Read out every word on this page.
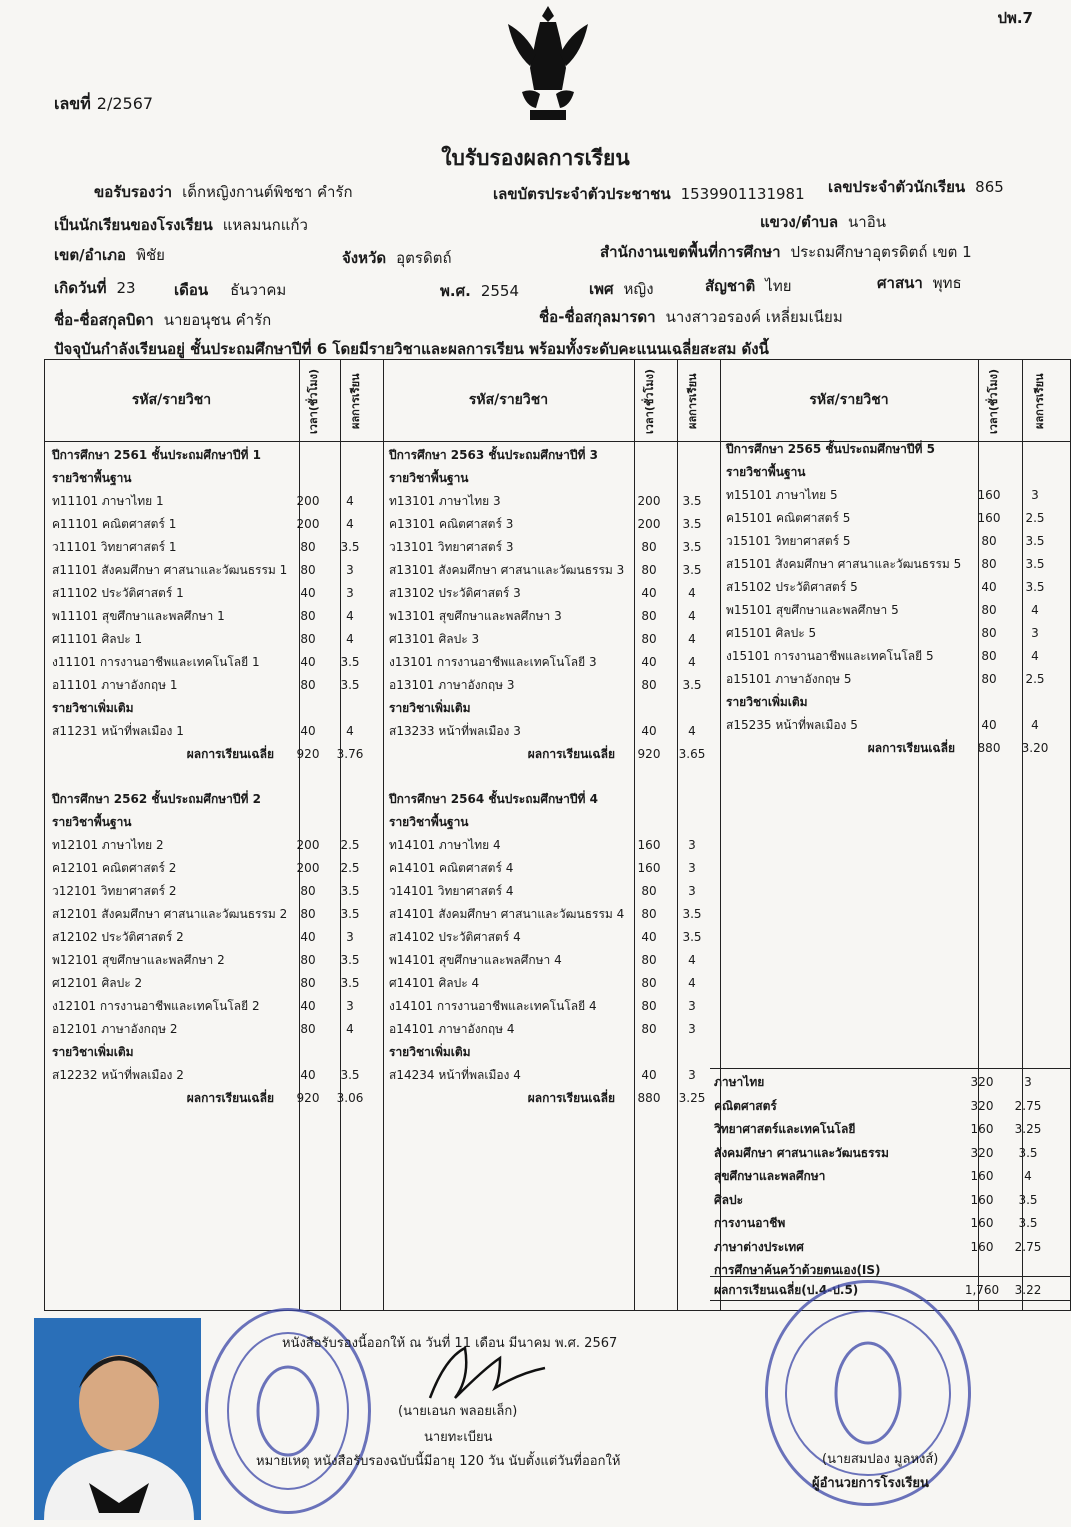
ปพ.7
เลขที่ 2/2567
ใบรับรองผลการเรียน
ขอรับรองว่า เด็กหญิงกานต์พิชชา คำรัก	เลขบัตรประจำตัวประชาชน 1539901131981 เลขประจำตัวนักเรียน 865
เป็นนักเรียนของโรงเรียน แหลมนกแก้ว	แขวง/ตำบล นาอิน
เขต/อำเภอ พิชัย	จังหวัด อุตรดิตถ์	สำนักงานเขตพื้นที่การศึกษา ประถมศึกษาอุตรดิตถ์ เขต 1
เกิดวันที่ 23	เดือน ธันวาคม	พ.ศ. 2554	เพศ หญิง	สัญชาติ ไทย	ศาสนา พุทธ
ชื่อ-ชื่อสกุลบิดา นายอนุชน คำรัก	ชื่อ-ชื่อสกุลมารดา นางสาวอรองค์ เหลี่ยมเนียม
ปัจจุบันกำลังเรียนอยู่ ชั้นประถมศึกษาปีที่ 6 โดยมีรายวิชาและผลการเรียน พร้อมทั้งระดับคะแนนเฉลี่ยสะสม ดังนี้
รหัส/รายวิชา	เวลา(ชั่วโมง)	ผลการเรียน	รหัส/รายวิชา	เวลา(ชั่วโมง)	ผลการเรียน	รหัส/รายวิชา	เวลา(ชั่วโมง)	ผลการเรียน
ปีการศึกษา 2561 ชั้นประถมศึกษาปีที่ 1
รายวิชาพื้นฐาน
ท11101 ภาษาไทย 1	200	4
ค11101 คณิตศาสตร์ 1	200	4
ว11101 วิทยาศาสตร์ 1	80	3.5
ส11101 สังคมศึกษา ศาสนาและวัฒนธรรม 1	80	3
ส11102 ประวัติศาสตร์ 1	40	3
พ11101 สุขศึกษาและพลศึกษา 1	80	4
ศ11101 ศิลปะ 1	80	4
ง11101 การงานอาชีพและเทคโนโลยี 1	40	3.5
อ11101 ภาษาอังกฤษ 1	80	3.5
รายวิชาเพิ่มเติม
ส11231 หน้าที่พลเมือง 1	40	4
ผลการเรียนเฉลี่ย	920	3.76
ปีการศึกษา 2562 ชั้นประถมศึกษาปีที่ 2
รายวิชาพื้นฐาน
ท12101 ภาษาไทย 2	200	2.5
ค12101 คณิตศาสตร์ 2	200	2.5
ว12101 วิทยาศาสตร์ 2	80	3.5
ส12101 สังคมศึกษา ศาสนาและวัฒนธรรม 2	80	3.5
ส12102 ประวัติศาสตร์ 2	40	3
พ12101 สุขศึกษาและพลศึกษา 2	80	3.5
ศ12101 ศิลปะ 2	80	3.5
ง12101 การงานอาชีพและเทคโนโลยี 2	40	3
อ12101 ภาษาอังกฤษ 2	80	4
รายวิชาเพิ่มเติม
ส12232 หน้าที่พลเมือง 2	40	3.5
ผลการเรียนเฉลี่ย	920	3.06
ปีการศึกษา 2563 ชั้นประถมศึกษาปีที่ 3
รายวิชาพื้นฐาน
ท13101 ภาษาไทย 3	200	3.5
ค13101 คณิตศาสตร์ 3	200	3.5
ว13101 วิทยาศาสตร์ 3	80	3.5
ส13101 สังคมศึกษา ศาสนาและวัฒนธรรม 3	80	3.5
ส13102 ประวัติศาสตร์ 3	40	4
พ13101 สุขศึกษาและพลศึกษา 3	80	4
ศ13101 ศิลปะ 3	80	4
ง13101 การงานอาชีพและเทคโนโลยี 3	40	4
อ13101 ภาษาอังกฤษ 3	80	3.5
รายวิชาเพิ่มเติม
ส13233 หน้าที่พลเมือง 3	40	4
ผลการเรียนเฉลี่ย	920	3.65
ปีการศึกษา 2564 ชั้นประถมศึกษาปีที่ 4
รายวิชาพื้นฐาน
ท14101 ภาษาไทย 4	160	3
ค14101 คณิตศาสตร์ 4	160	3
ว14101 วิทยาศาสตร์ 4	80	3
ส14101 สังคมศึกษา ศาสนาและวัฒนธรรม 4	80	3.5
ส14102 ประวัติศาสตร์ 4	40	3.5
พ14101 สุขศึกษาและพลศึกษา 4	80	4
ศ14101 ศิลปะ 4	80	4
ง14101 การงานอาชีพและเทคโนโลยี 4	80	3
อ14101 ภาษาอังกฤษ 4	80	3
รายวิชาเพิ่มเติม
ส14234 หน้าที่พลเมือง 4	40	3
ผลการเรียนเฉลี่ย	880	3.25
ปีการศึกษา 2565 ชั้นประถมศึกษาปีที่ 5
รายวิชาพื้นฐาน
ท15101 ภาษาไทย 5	160	3
ค15101 คณิตศาสตร์ 5	160	2.5
ว15101 วิทยาศาสตร์ 5	80	3.5
ส15101 สังคมศึกษา ศาสนาและวัฒนธรรม 5	80	3.5
ส15102 ประวัติศาสตร์ 5	40	3.5
พ15101 สุขศึกษาและพลศึกษา 5	80	4
ศ15101 ศิลปะ 5	80	3
ง15101 การงานอาชีพและเทคโนโลยี 5	80	4
อ15101 ภาษาอังกฤษ 5	80	2.5
รายวิชาเพิ่มเติม
ส15235 หน้าที่พลเมือง 5	40	4
ผลการเรียนเฉลี่ย	880	3.20
ภาษาไทย	320	3
คณิตศาสตร์	320	2.75
วิทยาศาสตร์และเทคโนโลยี	160	3.25
สังคมศึกษา ศาสนาและวัฒนธรรม	320	3.5
สุขศึกษาและพลศึกษา	160	4
ศิลปะ	160	3.5
การงานอาชีพ	160	3.5
ภาษาต่างประเทศ	160	2.75
การศึกษาค้นคว้าด้วยตนเอง(IS)
ผลการเรียนเฉลี่ย(ป.4-ป.5)	1,760	3.22
หนังสือรับรองนี้ออกให้ ณ วันที่ 11 เดือน มีนาคม พ.ศ. 2567
(นายเอนก พลอยเล็ก)
นายทะเบียน
หมายเหตุ หนังสือรับรองฉบับนี้มีอายุ 120 วัน นับตั้งแต่วันที่ออกให้	(นายสมปอง มูลหงส์)
ผู้อำนวยการโรงเรียน
